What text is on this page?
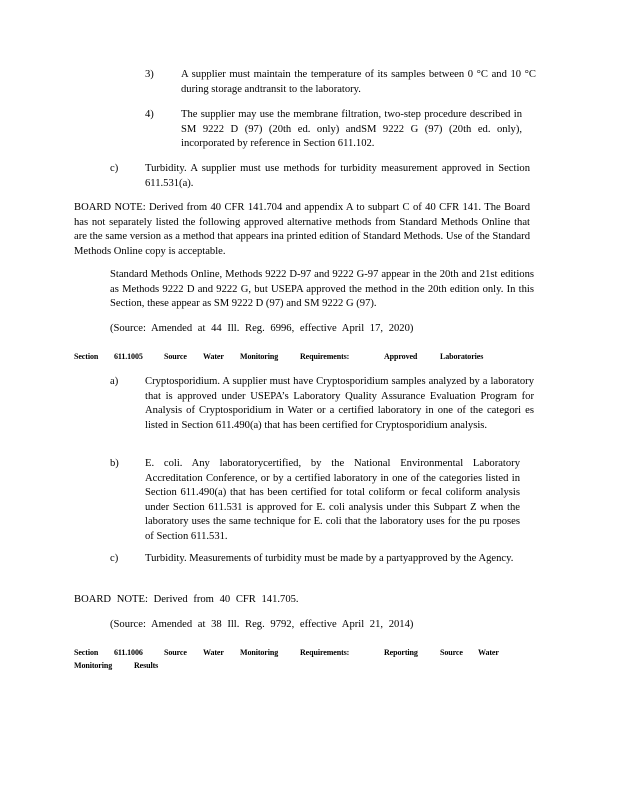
3)	A supplier must maintain the temperature of its samples between 0 °C and 10 °C during storage andtransit to the laboratory.
4)	The supplier may use the membrane filtration, two-step procedure described in SM 9222 D (97) (20th ed. only) andSM 9222 G (97) (20th ed. only), incorporated by reference in Section 611.102.
c)	Turbidity. A supplier must use methods for turbidity measurement approved in Section 611.531(a).
BOARD NOTE: Derived from 40 CFR 141.704 and appendix A to subpart C of 40 CFR 141. The Board has not separately listed the following approved alternative methods from Standard Methods Online that are the same version as a method that appears ina printed edition of Standard Methods. Use of the Standard Methods Online copy is acceptable.
Standard Methods Online, Methods 9222 D-97 and 9222 G-97 appear in the 20th and 21st editions as Methods 9222 D and 9222 G, but USEPA approved the method in the 20th edition only. In this Section, these appear as SM 9222 D (97) and SM 9222 G (97).
(Source: Amended at 44 Ill. Reg. 6996, effective April 17, 2020)
Section 611.1005	Source Water Monitoring	Requirements:	Approved	Laboratories
a)	Cryptosporidium. A supplier must have Cryptosporidium samples analyzed by a laboratory that is approved under USEPA’s Laboratory Quality Assurance Evaluation Program for Analysis of Cryptosporidium in Water or a certified laboratory in one of the categori es listed in Section 611.490(a) that has been certified for Cryptosporidium analysis.
b) E. coli. Any laboratorycertified, by the National Environmental Laboratory Accreditation Conference, or by a certified laboratory in one of the categories listed in Section 611.490(a) that has been certified for total coliform or fecal coliform analysis under Section 611.531 is approved for E. coli analysis under this Subpart Z when the laboratory uses the same technique for E. coli that the laboratory uses for the pu rposes of Section 611.531.
c)	Turbidity. Measurements of turbidity must be made by a partyapproved by the Agency.
BOARD NOTE: Derived from 40 CFR 141.705.
(Source: Amended at 38 Ill. Reg. 9792, effective April 21, 2014)
Section 611.1006	Source Water Monitoring	Requirements:	Reporting	Source Water
Monitoring	Results
